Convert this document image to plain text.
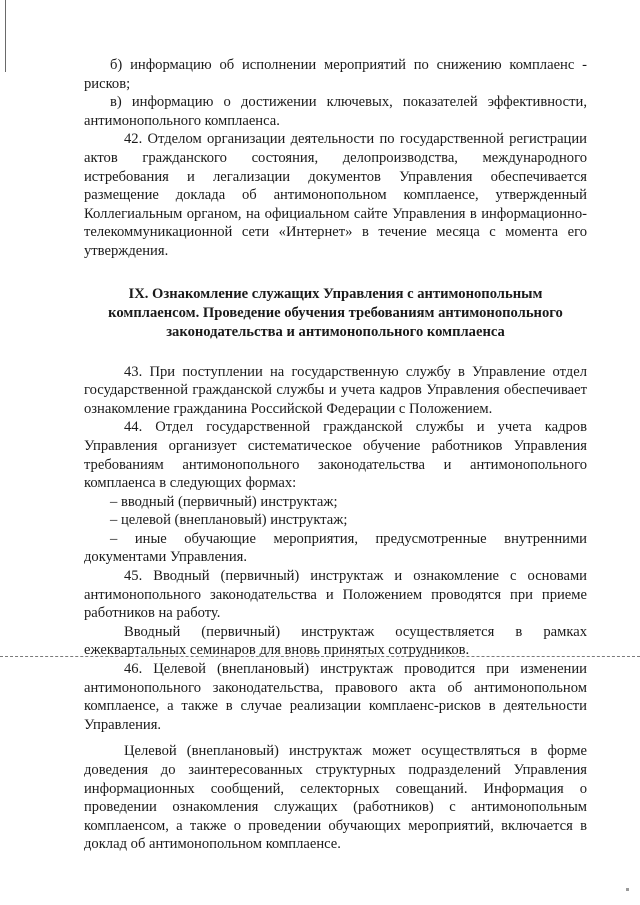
б) информацию об исполнении мероприятий по снижению комплаенс - рисков;

в) информацию о достижении ключевых, показателей эффективности, антимонопольного комплаенса.

42. Отделом организации деятельности по государственной регистрации актов гражданского состояния, делопроизводства, международного истребования и легализации документов Управления обеспечивается размещение доклада об антимонопольном комплаенсе, утвержденный Коллегиальным органом, на официальном сайте Управления в информационно-телекоммуникационной сети «Интернет» в течение месяца с момента его утверждения.

IX. Ознакомление служащих Управления с антимонопольным
комплаенсом. Проведение обучения требованиям антимонопольного
законодательства и антимонопольного комплаенса

43. При поступлении на государственную службу в Управление отдел государственной гражданской службы и учета кадров Управления обеспечивает ознакомление гражданина Российской Федерации с Положением.

44. Отдел государственной гражданской службы и учета кадров Управления организует систематическое обучение работников Управления требованиям антимонопольного законодательства и антимонопольного комплаенса в следующих формах:

– вводный (первичный) инструктаж;

– целевой (внеплановый) инструктаж;

– иные обучающие мероприятия, предусмотренные внутренними документами Управления.

45. Вводный (первичный) инструктаж и ознакомление с основами антимонопольного законодательства и Положением проводятся при приеме работников на работу.

Вводный (первичный) инструктаж осуществляется в рамках ежеквартальных семинаров для вновь принятых сотрудников.

46. Целевой (внеплановый) инструктаж проводится при изменении антимонопольного законодательства, правового акта об антимонопольном комплаенсе, а также в случае реализации комплаенс-рисков в деятельности Управления.

Целевой (внеплановый) инструктаж может осуществляться в форме доведения до заинтересованных структурных подразделений Управления информационных сообщений, селекторных совещаний. Информация о проведении ознакомления служащих (работников) с антимонопольным комплаенсом, а также о проведении обучающих мероприятий, включается в доклад об антимонопольном комплаенсе.
